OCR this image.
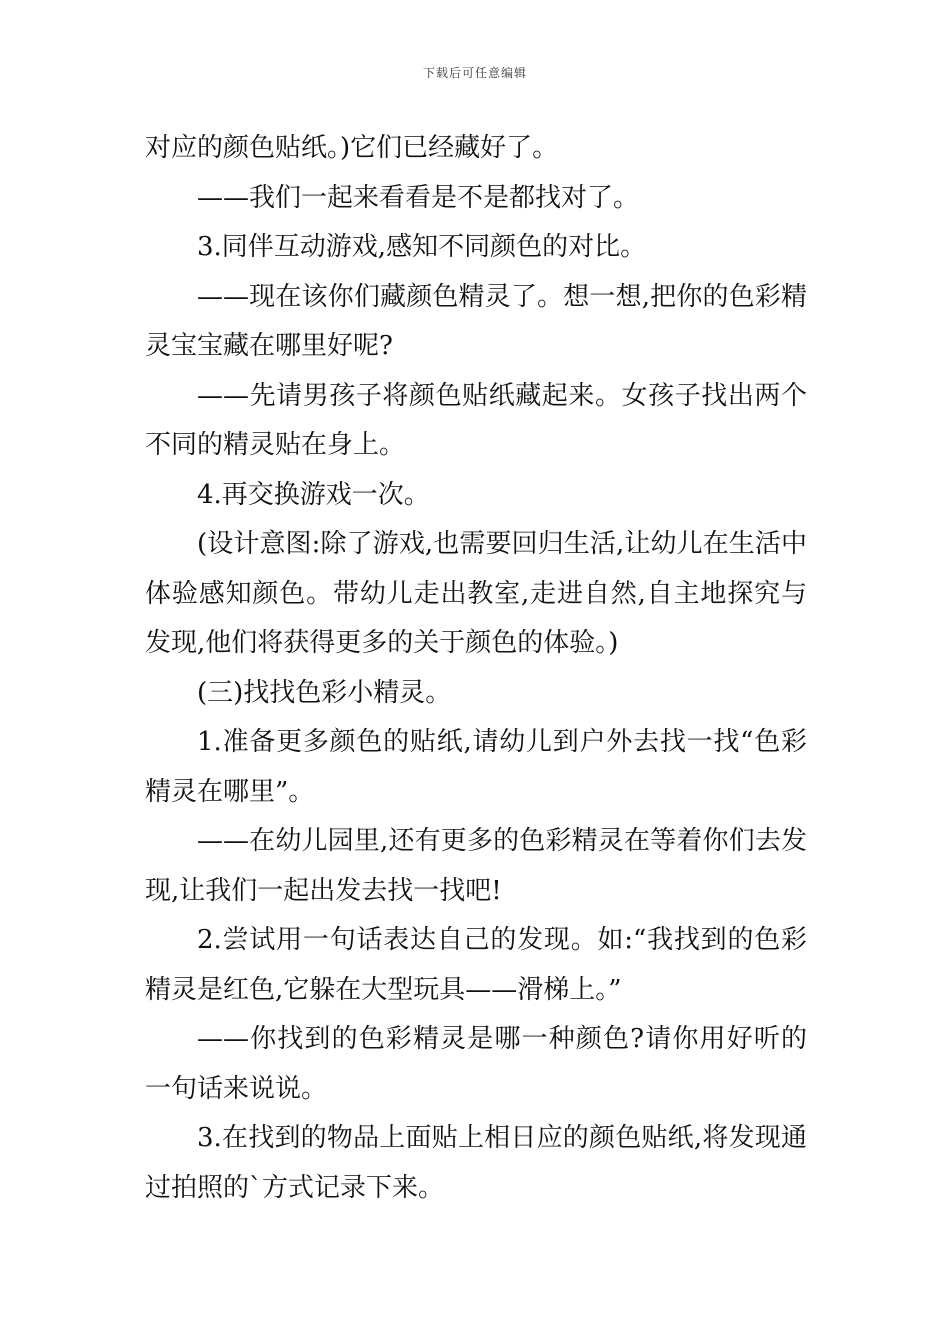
下载后可任意编辑

对应的颜色贴纸。)它们已经藏好了。

——我们一起来看看是不是都找对了。

3.同伴互动游戏,感知不同颜色的对比。

——现在该你们藏颜色精灵了。想一想,把你的色彩精灵宝宝藏在哪里好呢?

——先请男孩子将颜色贴纸藏起来。女孩子找出两个不同的精灵贴在身上。

4.再交换游戏一次。

(设计意图:除了游戏,也需要回归生活,让幼儿在生活中体验感知颜色。带幼儿走出教室,走进自然,自主地探究与发现,他们将获得更多的关于颜色的体验。)

(三)找找色彩小精灵。

1.准备更多颜色的贴纸,请幼儿到户外去找一找“色彩精灵在哪里”。

——在幼儿园里,还有更多的色彩精灵在等着你们去发现,让我们一起出发去找一找吧!

2.尝试用一句话表达自己的发现。如:“我找到的色彩精灵是红色,它躲在大型玩具——滑梯上。”

——你找到的色彩精灵是哪一种颜色?请你用好听的一句话来说说。

3.在找到的物品上面贴上相日应的颜色贴纸,将发现通过拍照的`方式记录下来。
